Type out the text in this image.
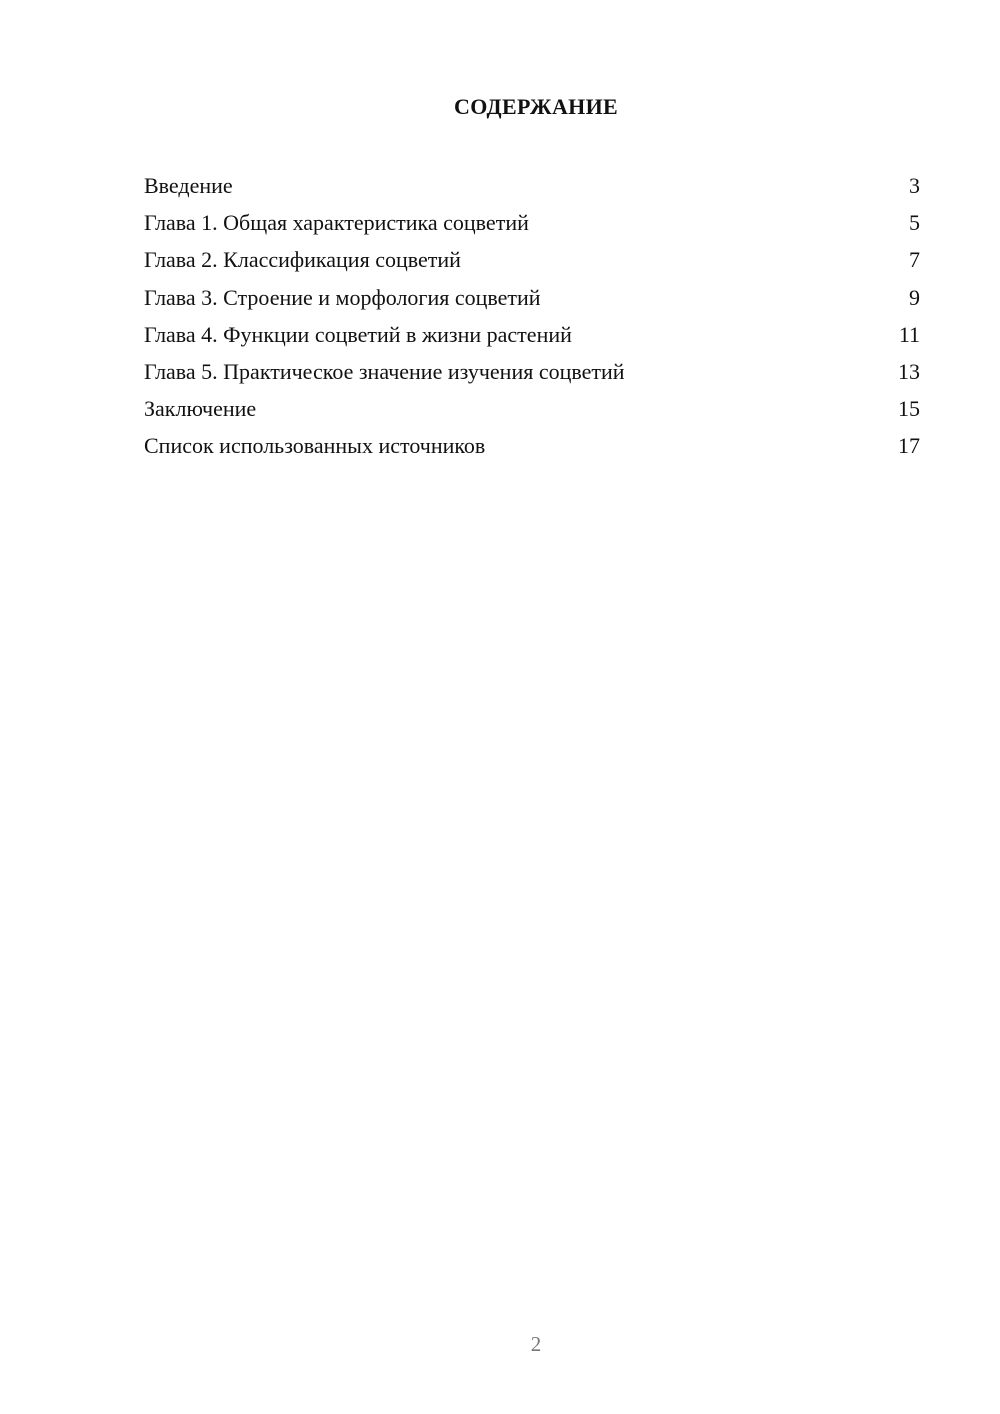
СОДЕРЖАНИЕ
Введение	3
Глава 1. Общая характеристика соцветий	5
Глава 2. Классификация соцветий	7
Глава 3. Строение и морфология соцветий	9
Глава 4. Функции соцветий в жизни растений	11
Глава 5. Практическое значение изучения соцветий	13
Заключение	15
Список использованных источников	17
2
